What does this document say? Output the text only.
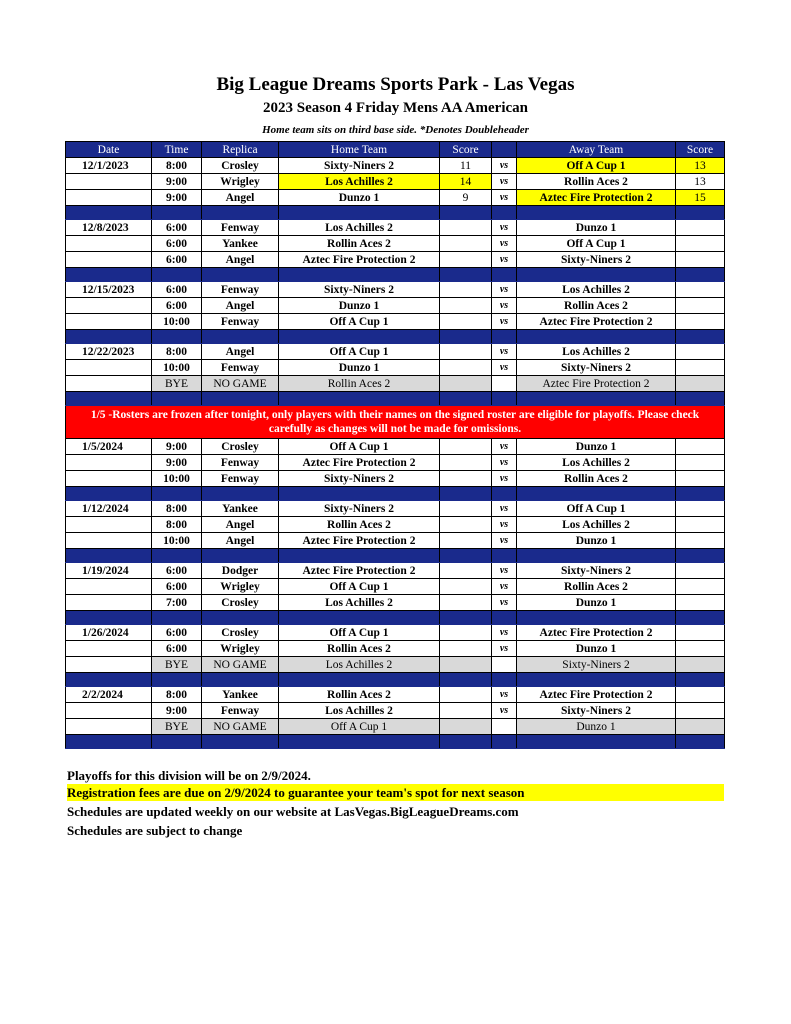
Big League Dreams Sports Park - Las Vegas
2023 Season 4 Friday Mens AA American
Home team sits on third base side. *Denotes Doubleheader
Date	Time	Replica	Home Team	Score		Away Team	Score
12/1/2023	8:00	Crosley	Sixty-Niners 2	11	vs	Off A Cup 1	13
	9:00	Wrigley	Los Achilles 2	14	vs	Rollin Aces 2	13
	9:00	Angel	Dunzo 1	9	vs	Aztec Fire Protection 2	15

12/8/2023	6:00	Fenway	Los Achilles 2		vs	Dunzo 1	
	6:00	Yankee	Rollin Aces 2		vs	Off A Cup 1	
	6:00	Angel	Aztec Fire Protection 2		vs	Sixty-Niners 2	

12/15/2023	6:00	Fenway	Sixty-Niners 2		vs	Los Achilles 2	
	6:00	Angel	Dunzo 1		vs	Rollin Aces 2	
	10:00	Fenway	Off A Cup 1		vs	Aztec Fire Protection 2	

12/22/2023	8:00	Angel	Off A Cup 1		vs	Los Achilles 2	
	10:00	Fenway	Dunzo 1		vs	Sixty-Niners 2	
	BYE	NO GAME	Rollin Aces 2			Aztec Fire Protection 2	

1/5 -Rosters are frozen after tonight, only players with their names on the signed roster are eligible for playoffs. Please check carefully as changes will not be made for omissions.							
1/5/2024	9:00	Crosley	Off A Cup 1		vs	Dunzo 1	
	9:00	Fenway	Aztec Fire Protection 2		vs	Los Achilles 2	
	10:00	Fenway	Sixty-Niners 2		vs	Rollin Aces 2	

1/12/2024	8:00	Yankee	Sixty-Niners 2		vs	Off A Cup 1	
	8:00	Angel	Rollin Aces 2		vs	Los Achilles 2	
	10:00	Angel	Aztec Fire Protection 2		vs	Dunzo 1	

1/19/2024	6:00	Dodger	Aztec Fire Protection 2		vs	Sixty-Niners 2	
	6:00	Wrigley	Off A Cup 1		vs	Rollin Aces 2	
	7:00	Crosley	Los Achilles 2		vs	Dunzo 1	

1/26/2024	6:00	Crosley	Off A Cup 1		vs	Aztec Fire Protection 2	
	6:00	Wrigley	Rollin Aces 2		vs	Dunzo 1	
	BYE	NO GAME	Los Achilles 2			Sixty-Niners 2	

2/2/2024	8:00	Yankee	Rollin Aces 2		vs	Aztec Fire Protection 2	
	9:00	Fenway	Los Achilles 2		vs	Sixty-Niners 2	
	BYE	NO GAME	Off A Cup 1			Dunzo 1	

Playoffs for this division will be on 2/9/2024.
Registration fees are due on 2/9/2024 to guarantee your team's spot for next season
Schedules are updated weekly on our website at LasVegas.BigLeagueDreams.com
Schedules are subject to change
